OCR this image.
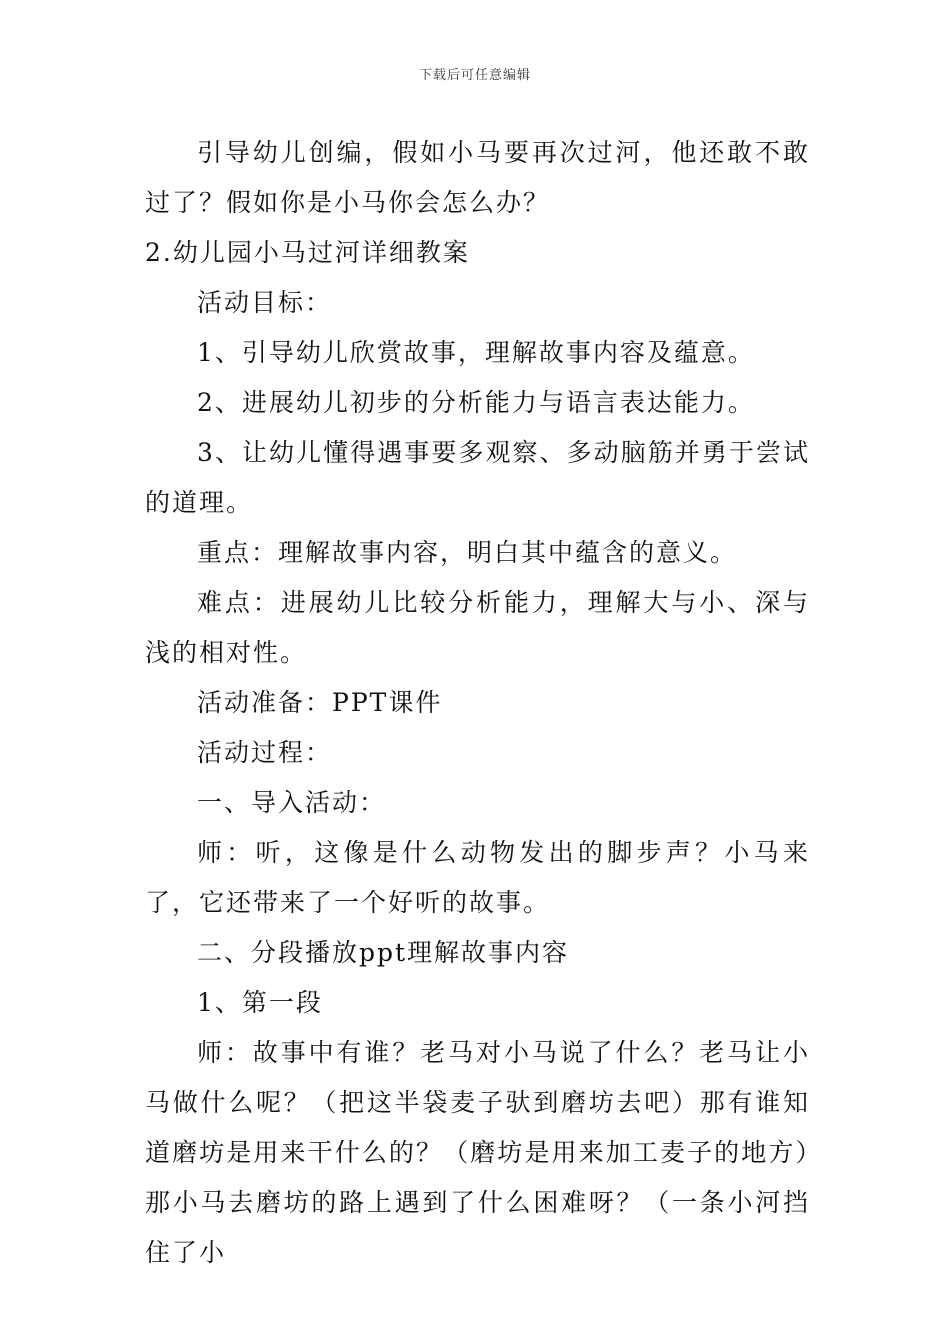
下载后可任意编辑

引导幼儿创编，假如小马要再次过河，他还敢不敢过了？假如你是小马你会怎么办？

2.幼儿园小马过河详细教案

活动目标：

1、引导幼儿欣赏故事，理解故事内容及蕴意。

2、进展幼儿初步的分析能力与语言表达能力。

3、让幼儿懂得遇事要多观察、多动脑筋并勇于尝试的道理。

重点：理解故事内容，明白其中蕴含的意义。

难点：进展幼儿比较分析能力，理解大与小、深与浅的相对性。

活动准备：PPT课件

活动过程：

一、导入活动：

师：听，这像是什么动物发出的脚步声？小马来了，它还带来了一个好听的故事。

二、分段播放ppt理解故事内容

1、第一段

师：故事中有谁？老马对小马说了什么？老马让小马做什么呢？（把这半袋麦子驮到磨坊去吧）那有谁知道磨坊是用来干什么的？（磨坊是用来加工麦子的地方）那小马去磨坊的路上遇到了什么困难呀？（一条小河挡住了小
